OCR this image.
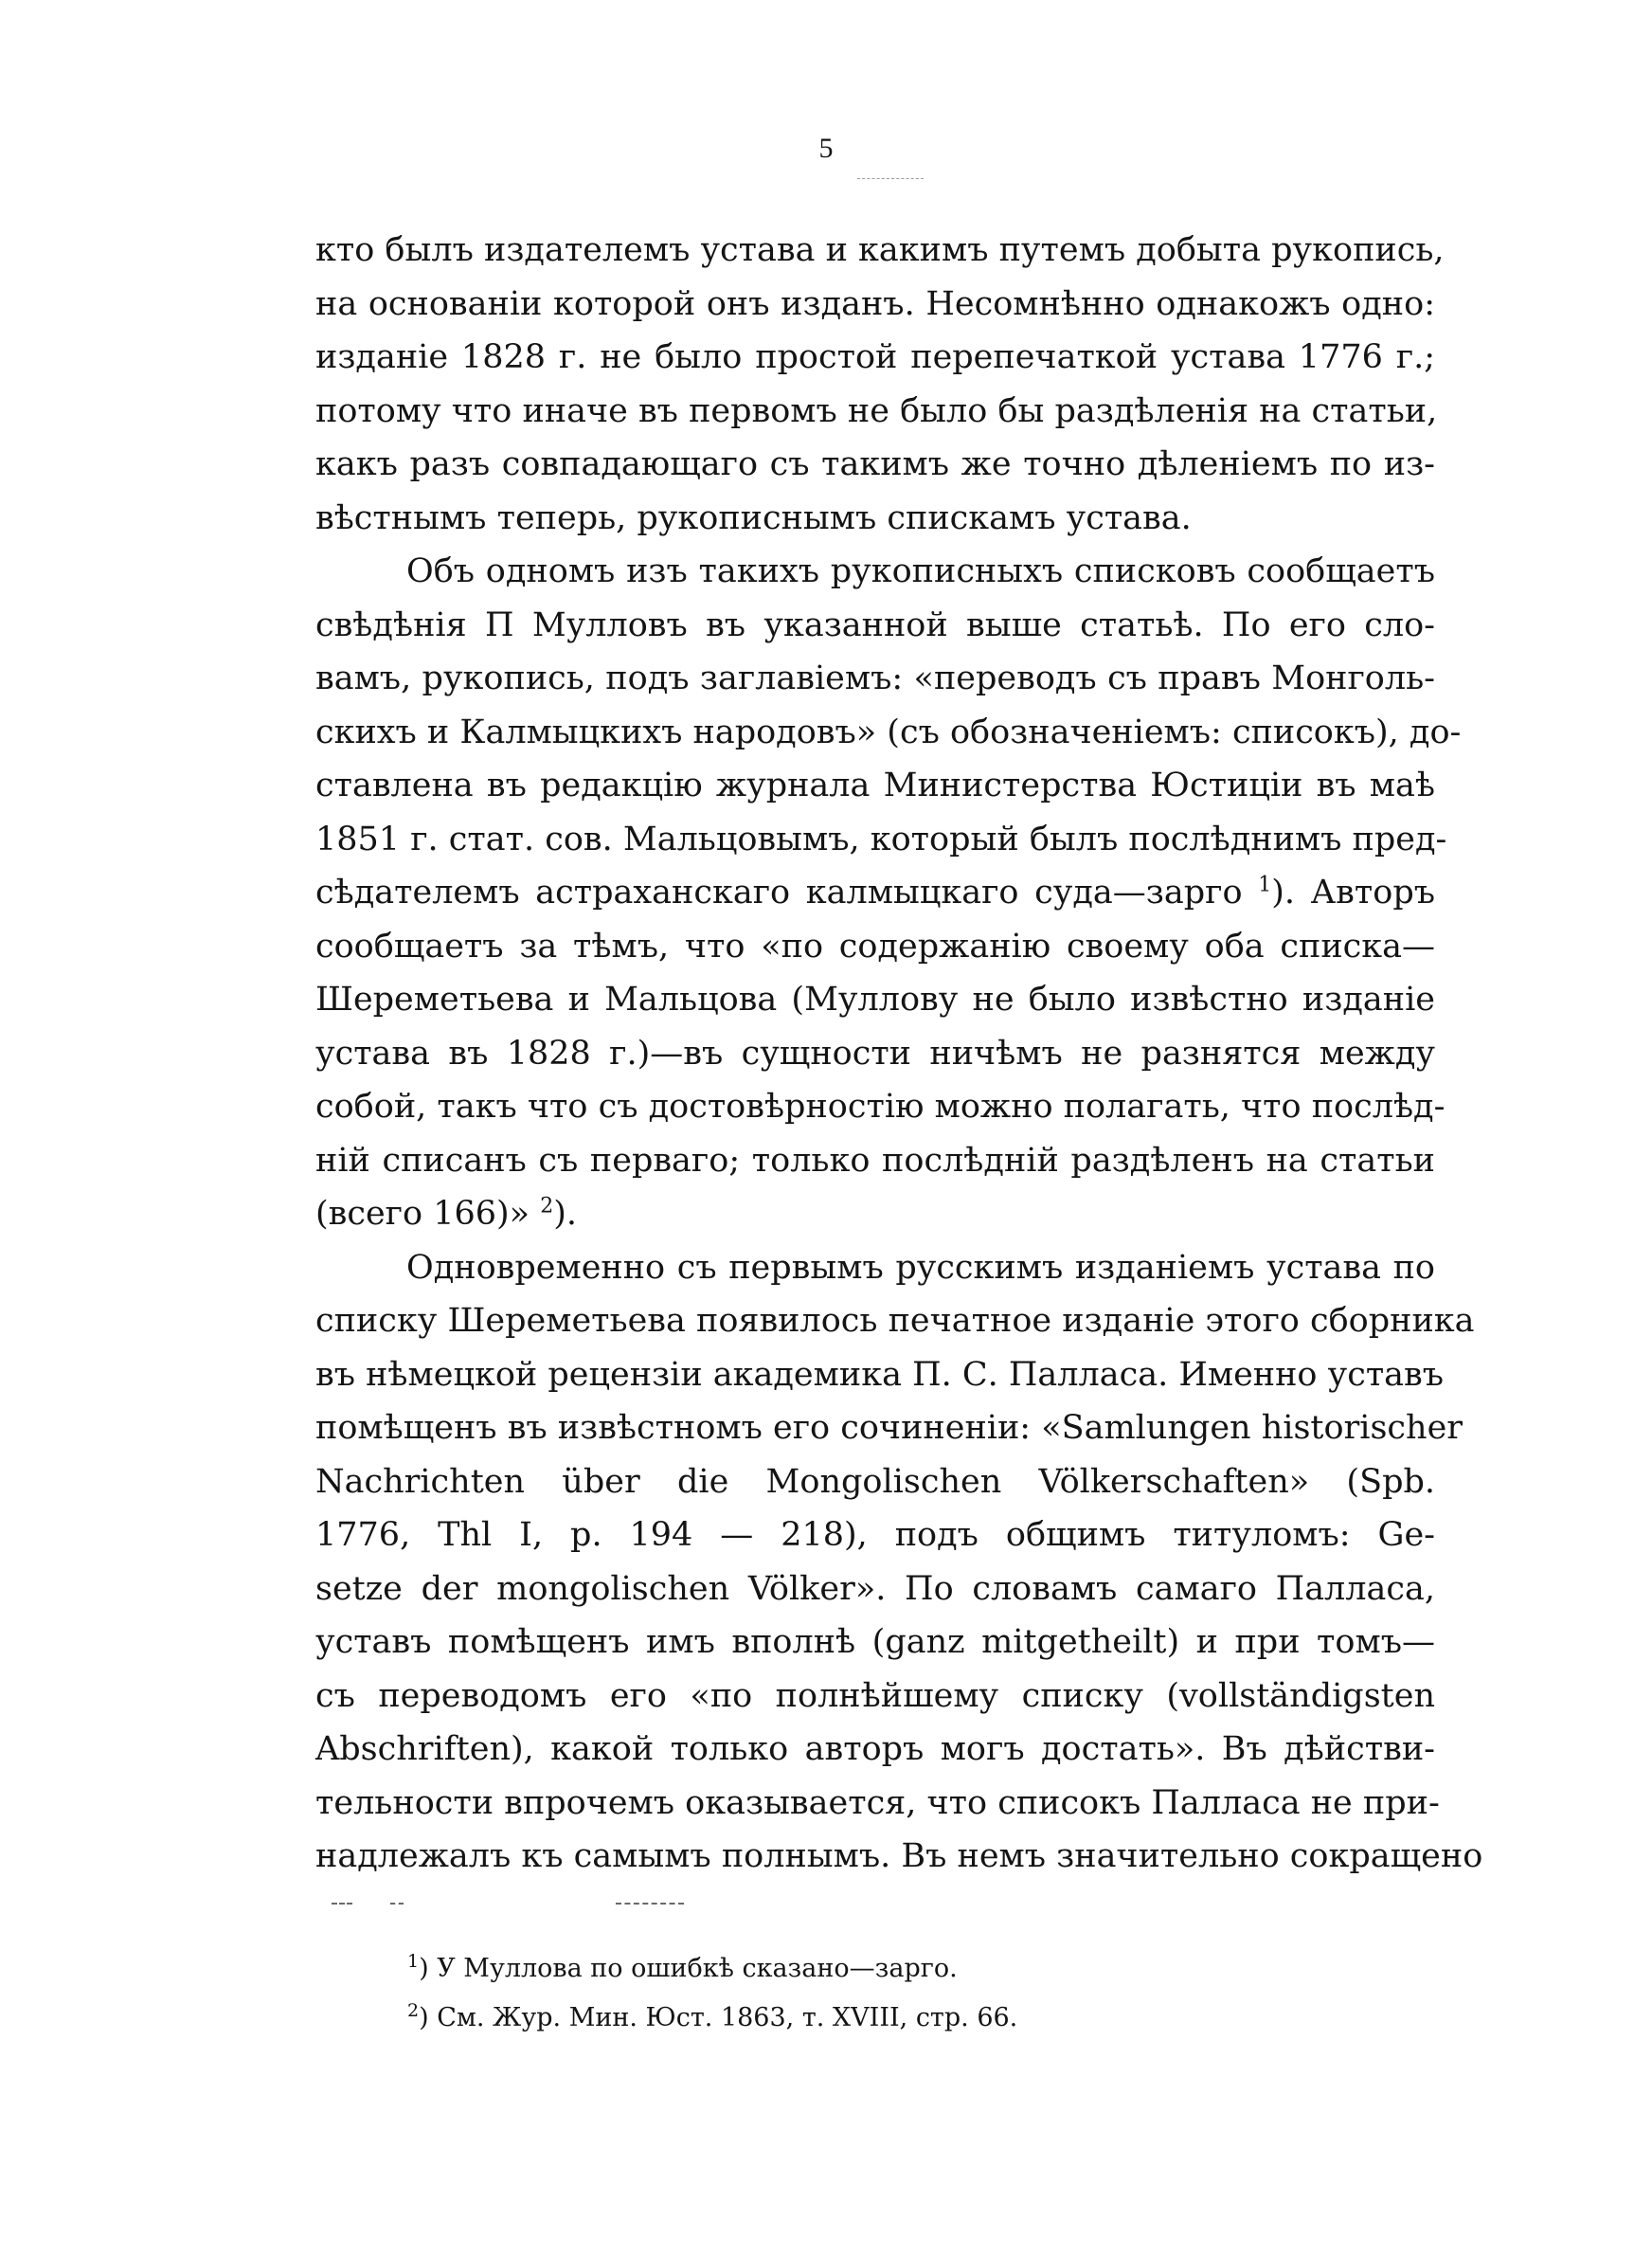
5
кто былъ издателемъ устава и какимъ путемъ добыта рукопись,
на основанiи которой онъ изданъ. Несомнѣнно однакожъ одно:
изданiе 1828 г. не было простой перепечаткой устава 1776 г.;
потому что иначе въ первомъ не было бы раздѣленiя на статьи,
какъ разъ совпадающаго съ такимъ же точно дѣленiемъ по из-
вѣстнымъ теперь, рукописнымъ спискамъ устава.
Объ одномъ изъ такихъ рукописныхъ списковъ сообщаетъ
свѣдѣнiя П Мулловъ въ указанной выше статьѣ. По его сло-
вамъ, рукопись, подъ заглавiемъ: «переводъ съ правъ Монголь-
скихъ и Калмыцкихъ народовъ» (съ обозначенiемъ: списокъ), до-
ставлена въ редакцiю журнала Министерства Юстицiи въ маѣ
1851 г. стат. сов. Мальцовымъ, который былъ послѣднимъ пред-
сѣдателемъ астраханскаго калмыцкаго суда—зарго $^1$). Авторъ
сообщаетъ за тѣмъ, что «по содержанiю своему оба списка—
Шереметьева и Мальцова (Муллову не было извѣстно изданiе
устава въ 1828 г.)—въ сущности ничѣмъ не разнятся между
собой, такъ что съ достовѣрностiю можно полагать, что послѣд-
нiй списанъ съ перваго; только послѣднiй раздѣленъ на статьи
(всего 166)» $^2$).
Одновременно съ первымъ русскимъ изданiемъ устава по
списку Шереметьева появилось печатное изданiе этого сборника
въ нѣмецкой рецензiи академика П. С. Палласа. Именно уставъ
помѣщенъ въ извѣстномъ его сочиненiи: «Samlungen historischer
Nachrichten über die Mongolischen Völkerschaften» (Spb.
1776, Thl I, p. 194 — 218), подъ общимъ титуломъ: Ge-
setze der mongolischen Völker». По словамъ самаго Палласа,
уставъ помѣщенъ имъ вполнѣ (ganz mitgetheilt) и при томъ—
съ переводомъ его «по полнѣйшему списку (vollständigsten
Abschriften), какой только авторъ могъ достать». Въ дѣйстви-
тельности впрочемъ оказывается, что списокъ Палласа не при-
надлежалъ къ самымъ полнымъ. Въ немъ значительно сокращено
$^1$) У Муллова по ошибкѣ сказано—зарго.
$^2$) См. Жур. Мин. Юст. 1863, т. XVIII, стр. 66.
